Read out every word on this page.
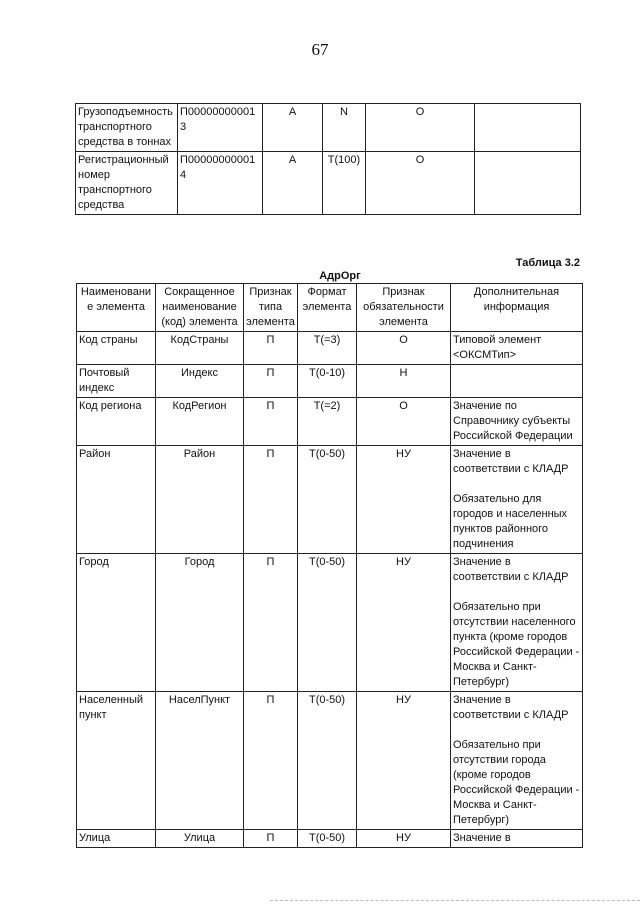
67
Грузоподъемность транспортного средства в тоннах	П000000000013	А	N	О	
Регистрационный номер транспортного средства	П000000000014	А	Т(100)	О	
Таблица 3.2
АдрОрг
Наименование элемента	Сокращенное наименование (код) элемента	Признак типа элемента	Формат элемента	Признак обязательности элемента	Дополнительная информация
Код страны	КодСтраны	П	Т(=3)	О	Типовой элемент <ОКСМТип>
Почтовый индекс	Индекс	П	Т(0-10)	Н	
Код региона	КодРегион	П	Т(=2)	О	Значение по Справочнику субъекты Российской Федерации
Район	Район	П	Т(0-50)	НУ	Значение в соответствии с КЛАДР
Обязательно для городов и населенных пунктов районного подчинения
Город	Город	П	Т(0-50)	НУ	Значение в соответствии с КЛАДР
Обязательно при отсутствии населенного пункта (кроме городов Российской Федерации - Москва и Санкт-Петербург)
Населенный пункт	НаселПункт	П	Т(0-50)	НУ	Значение в соответствии с КЛАДР
Обязательно при отсутствии города (кроме городов Российской Федерации - Москва и Санкт-Петербург)
Улица	Улица	П	Т(0-50)	НУ	Значение в
